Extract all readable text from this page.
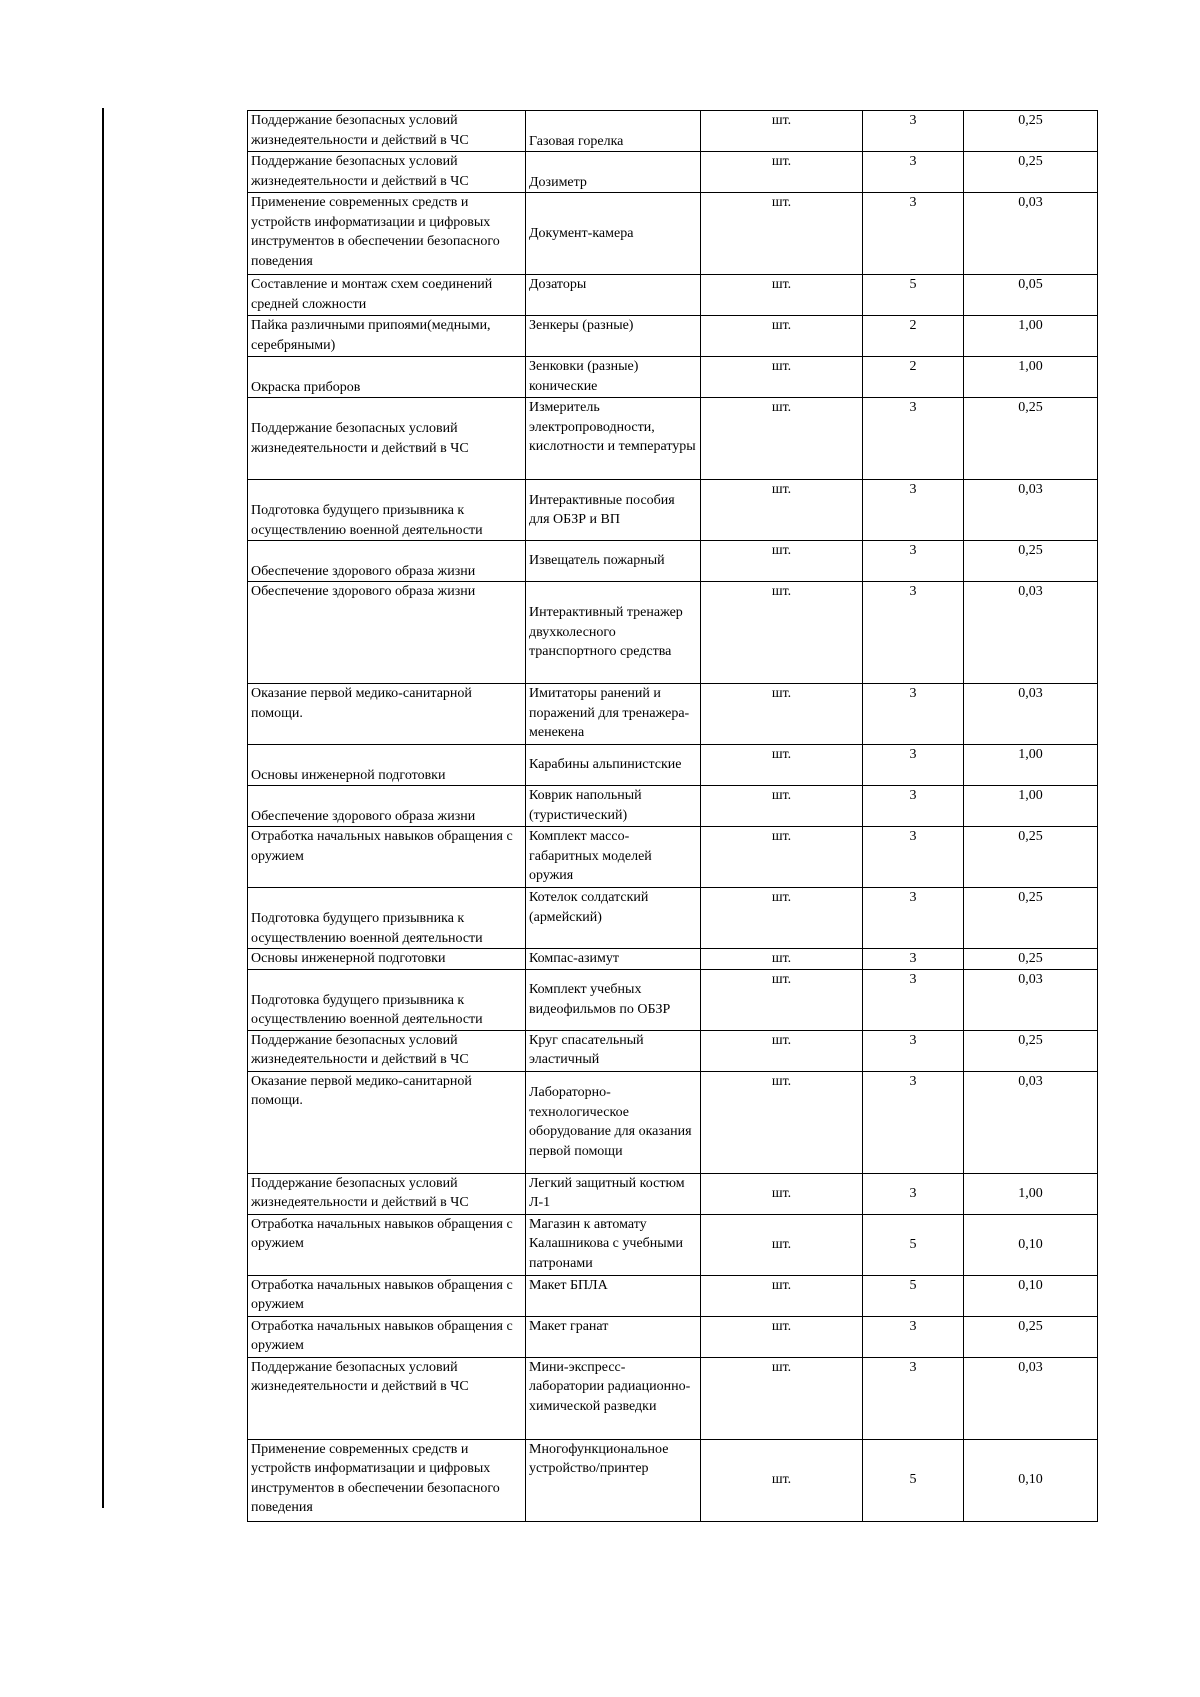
Поддержание безопасных условий жизнедеятельности и действий в ЧС	Газовая горелка	шт.	3	0,25
Поддержание безопасных условий жизнедеятельности и действий в ЧС	Дозиметр	шт.	3	0,25
Применение современных средств и устройств информатизации и цифровых инструментов в обеспечении безопасного поведения	Документ-камера	шт.	3	0,03
Составление и монтаж схем соединений средней сложности	Дозаторы	шт.	5	0,05
Пайка различными припоями(медными, серебряными)	Зенкеры (разные)	шт.	2	1,00
Окраска приборов	Зенковки (разные) конические	шт.	2	1,00
Поддержание безопасных условий жизнедеятельности и действий в ЧС	Измеритель электропроводности, кислотности и температуры	шт.	3	0,25
Подготовка будущего призывника к осуществлению военной деятельности	Интерактивные пособия для ОБЗР и ВП	шт.	3	0,03
Обеспечение здорового образа жизни	Извещатель пожарный	шт.	3	0,25
Обеспечение здорового образа жизни	Интерактивный тренажер двухколесного транспортного средства	шт.	3	0,03
Оказание первой медико-санитарной помощи.	Имитаторы ранений и поражений для тренажера-менекена	шт.	3	0,03
Основы инженерной подготовки	Карабины альпинистские	шт.	3	1,00
Обеспечение здорового образа жизни	Коврик напольный (туристический)	шт.	3	1,00
Отработка начальных навыков обращения с оружием	Комплект массо-габаритных моделей оружия	шт.	3	0,25
Подготовка будущего призывника к осуществлению военной деятельности	Котелок солдатский (армейский)	шт.	3	0,25
Основы инженерной подготовки	Компас-азимут	шт.	3	0,25
Подготовка будущего призывника к осуществлению военной деятельности	Комплект учебных видеофильмов по ОБЗР	шт.	3	0,03
Поддержание безопасных условий жизнедеятельности и действий в ЧС	Круг спасательный эластичный	шт.	3	0,25
Оказание первой медико-санитарной помощи.	Лабораторно-технологическое оборудование для оказания первой помощи	шт.	3	0,03
Поддержание безопасных условий жизнедеятельности и действий в ЧС	Легкий защитный костюм Л-1	шт.	3	1,00
Отработка начальных навыков обращения с оружием	Магазин к автомату Калашникова с учебными патронами	шт.	5	0,10
Отработка начальных навыков обращения с оружием	Макет БПЛА	шт.	5	0,10
Отработка начальных навыков обращения с оружием	Макет гранат	шт.	3	0,25
Поддержание безопасных условий жизнедеятельности и действий в ЧС	Мини-экспресс-лаборатории радиационно-химической разведки	шт.	3	0,03
Применение современных средств и устройств информатизации и цифровых инструментов в обеспечении безопасного поведения	Многофункциональное устройство/принтер	шт.	5	0,10
